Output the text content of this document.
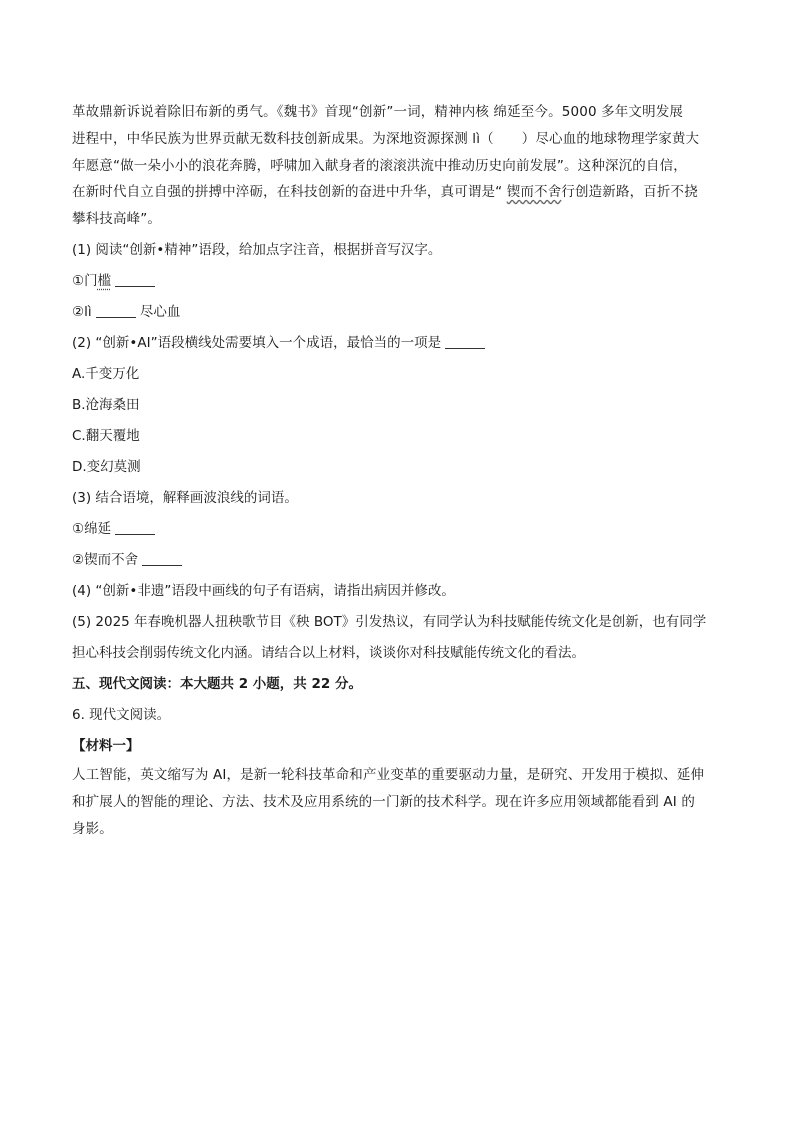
革故鼎新诉说着除旧布新的勇气。《魏书》首现“创新”一词，精神内核 绵延至今。5000 多年文明发展
进程中，中华民族为世界贡献无数科技创新成果。为深地资源探测 lì（ ）尽心血的地球物理学家黄大
年愿意“做一朵小小的浪花奔腾，呼啸加入献身者的滚滚洪流中推动历史向前发展”。这种深沉的自信，
在新时代自立自强的拼搏中淬砺，在科技创新的奋进中升华，真可谓是“ 锲而不舍行创造新路，百折不挠
攀科技高峰”。
(1) 阅读“创新•精神”语段，给加点字注音，根据拼音写汉字。
①门槛
②lì	尽心血
(2) “创新•AI”语段横线处需要填入一个成语，最恰当的一项是
A.千变万化
B.沧海桑田
C.翻天覆地
D.变幻莫测
(3) 结合语境，解释画波浪线的词语。
①绵延
②锲而不舍
(4) “创新•非遗”语段中画线的句子有语病，请指出病因并修改。
(5) 2025 年春晚机器人扭秧歌节目《秧 BOT》引发热议，有同学认为科技赋能传统文化是创新，也有同学
担心科技会削弱传统文化内涵。请结合以上材料，谈谈你对科技赋能传统文化的看法。
五、现代文阅读：本大题共 2 小题，共 22 分。
6. 现代文阅读。
【材料一】
人工智能，英文缩写为 AI，是新一轮科技革命和产业变革的重要驱动力量，是研究、开发用于模拟、延伸
和扩展人的智能的理论、方法、技术及应用系统的一门新的技术科学。现在许多应用领域都能看到 AI 的
身影。
